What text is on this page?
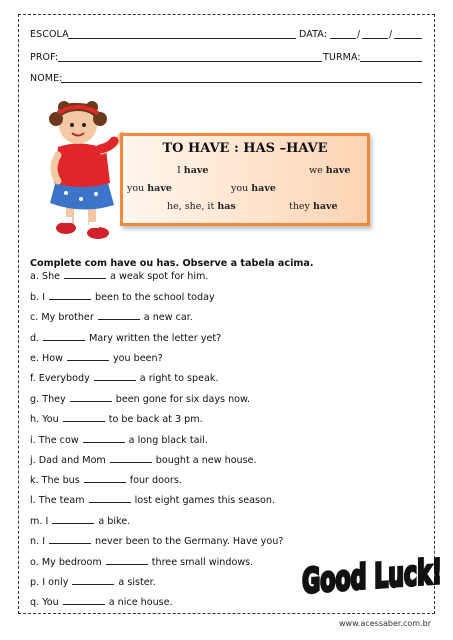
ESCOLA	DATA:	/	/
PROF:	TURMA:
NOME:
TO HAVE : HAS –HAVE
I have	we have
you have	you have
he, she, it has	they have
Complete com have ou has. Observe a tabela acima.
a. She	a weak spot for him.
b. I	been to the school today
c. My brother	a new car.
d.	Mary written the letter yet?
e. How	you been?
f. Everybody	a right to speak.
g. They	been gone for six days now.
h. You	to be back at 3 pm.
i. The cow	a long black tail.
j. Dad and Mom	bought a new house.
k. The bus	four doors.
l. The team	lost eight games this season.
m. I	a bike.
n. I	never been to the Germany. Have you?
o. My bedroom	three small windows.
p. I only	a sister.
q. You	a nice house.
Good Luck!
www.acessaber.com.br
